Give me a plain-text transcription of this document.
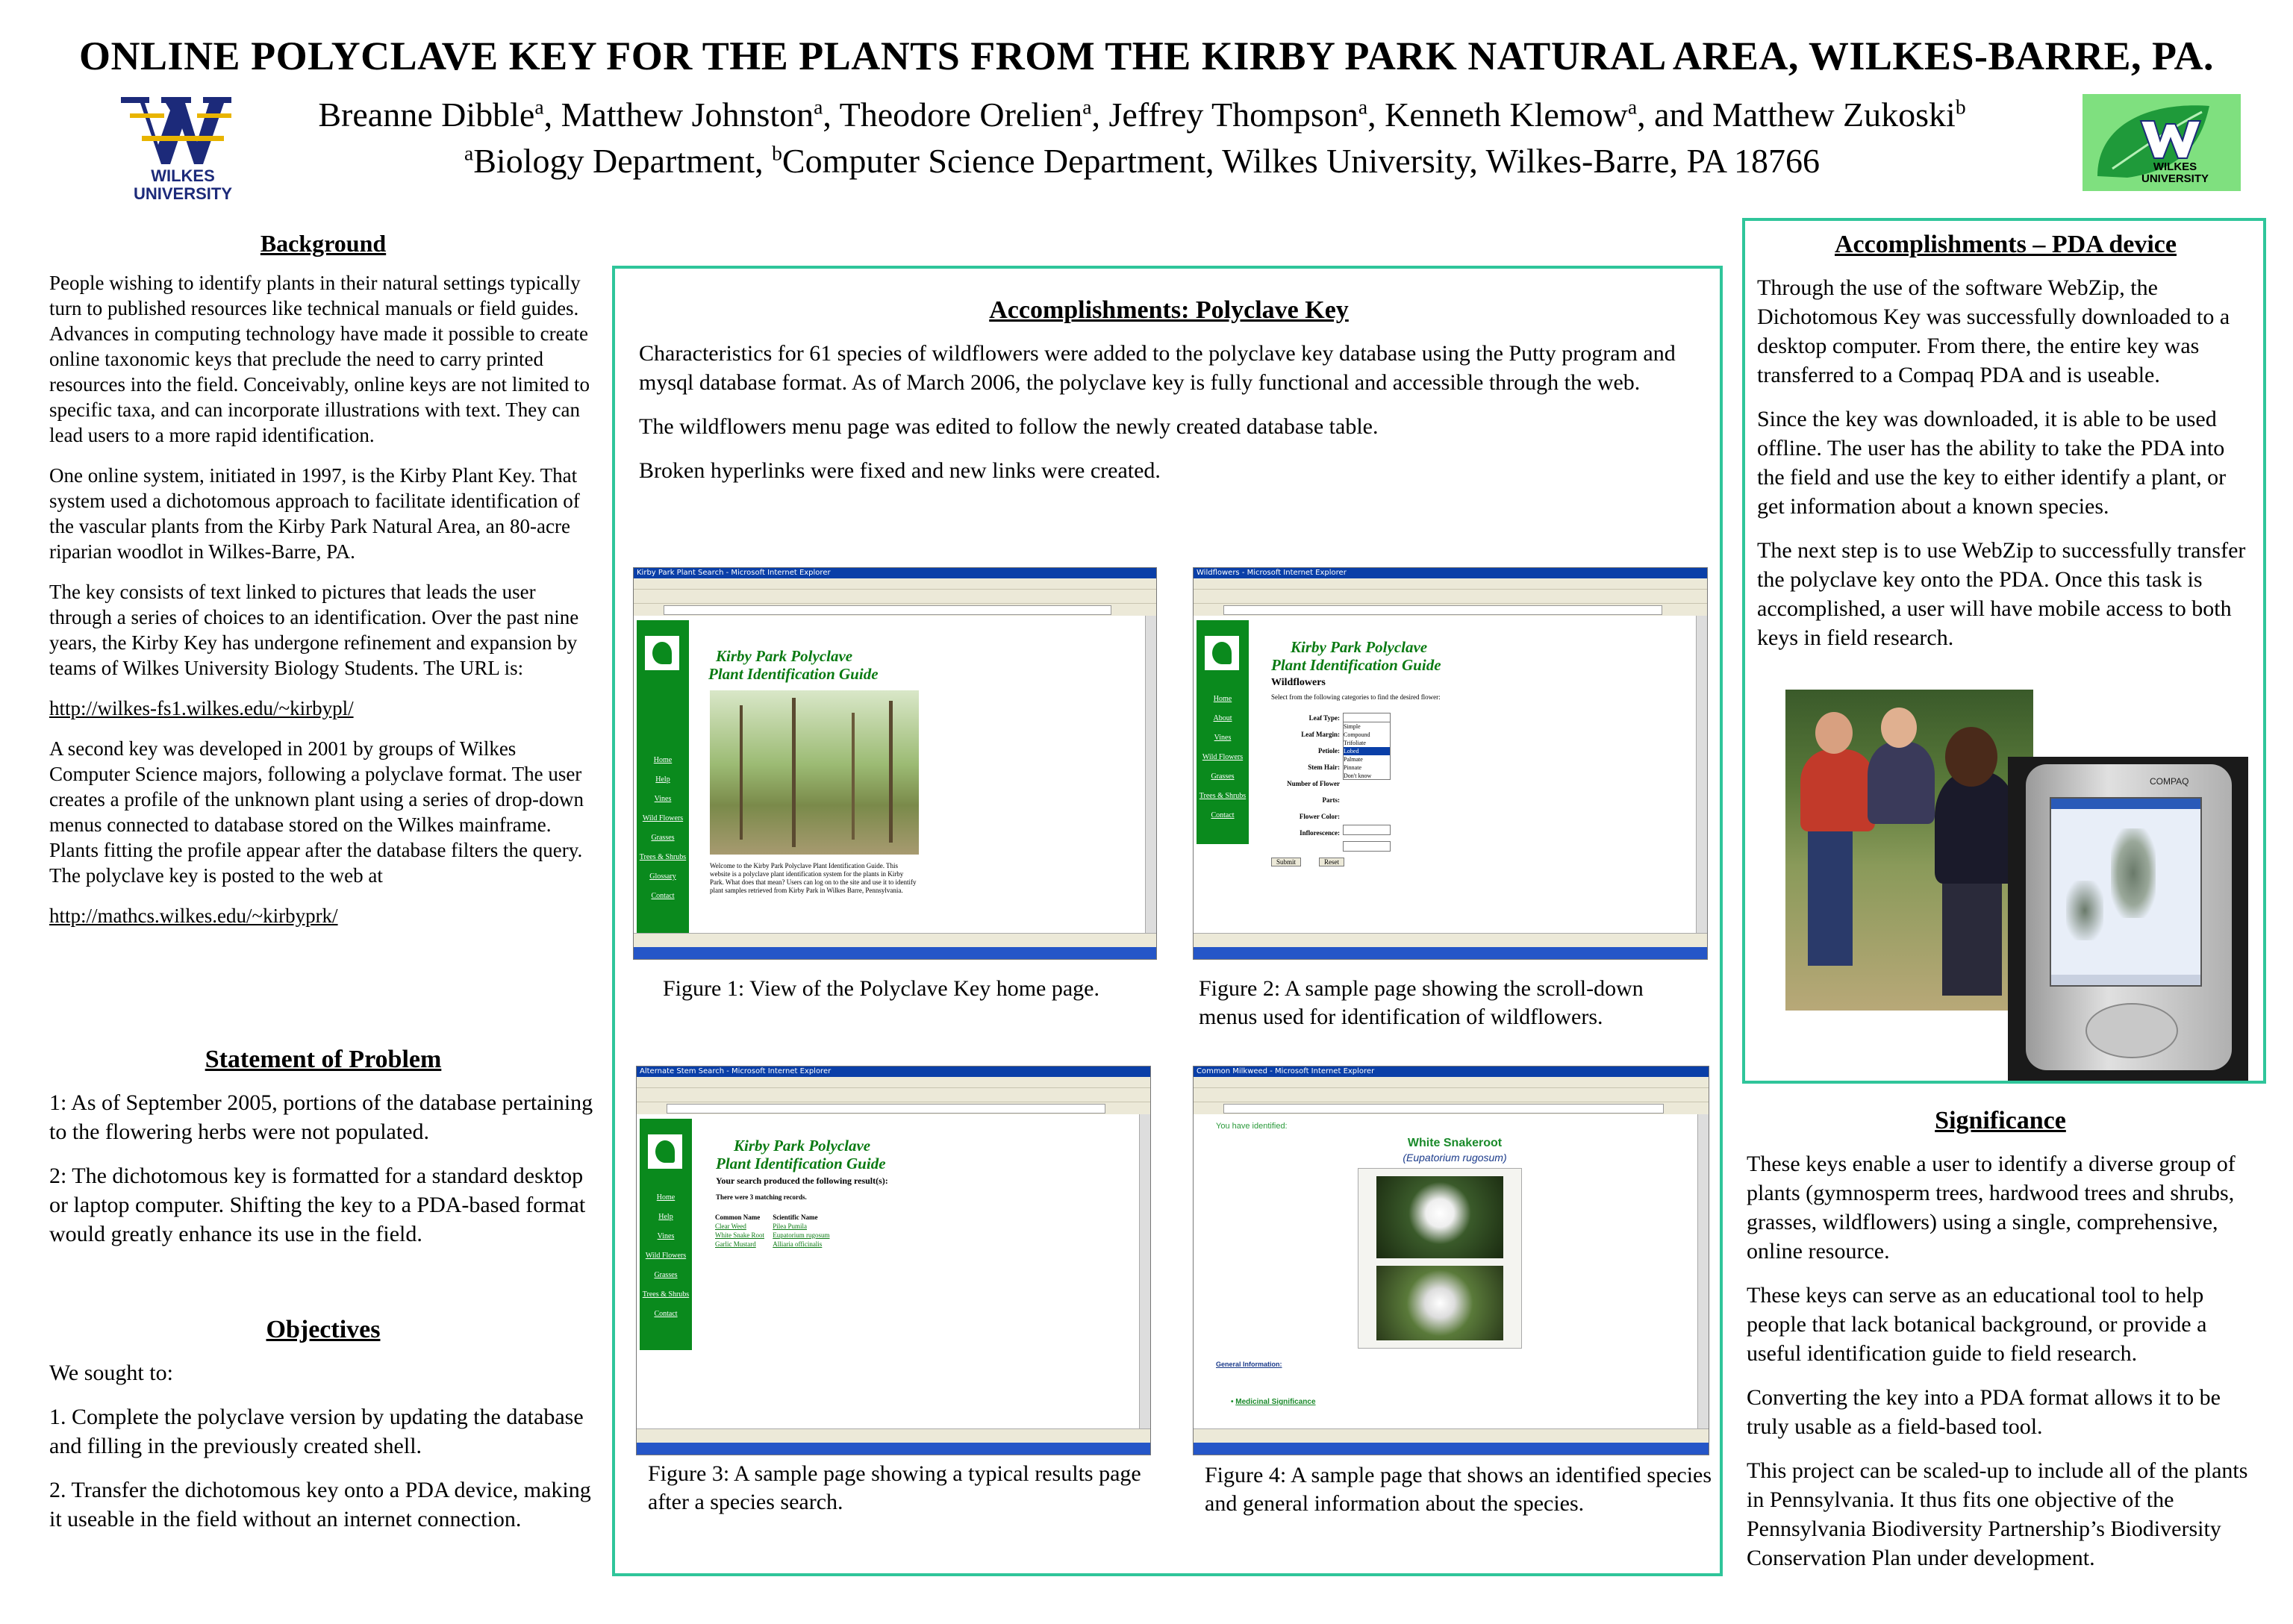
ONLINE POLYCLAVE KEY FOR THE PLANTS FROM THE KIRBY PARK NATURAL AREA, WILKES-BARRE, PA.
WILKES UNIVERSITY
Breanne Dibble$^a$, Matthew Johnston$^a$, Theodore Orelien$^a$, Jeffrey Thompson$^a$, Kenneth Klemow$^a$, and Matthew Zukoski$^b$
$^a$Biology Department, $^b$Computer Science Department, Wilkes University, Wilkes-Barre, PA 18766	WILKES UNIVERSITY
Background

People wishing to identify plants in their natural settings typically turn to published resources like technical manuals or field guides. Advances in computing technology have made it possible to create online taxonomic keys that preclude the need to carry printed resources into the field. Conceivably, online keys are not limited to specific taxa, and can incorporate illustrations with text. They can lead users to a more rapid identification.

One online system, initiated in 1997, is the Kirby Plant Key. That system used a dichotomous approach to facilitate identification of the vascular plants from the Kirby Park Natural Area, an 80-acre riparian woodlot in Wilkes-Barre, PA.

The key consists of text linked to pictures that leads the user through a series of choices to an identification. Over the past nine years, the Kirby Key has undergone refinement and expansion by teams of Wilkes University Biology Students. The URL is:

http://wilkes-fs1.wilkes.edu/~kirbypl/

A second key was developed in 2001 by groups of Wilkes Computer Science majors, following a polyclave format. The user creates a profile of the unknown plant using a series of drop-down menus connected to database stored on the Wilkes mainframe. Plants fitting the profile appear after the database filters the query. The polyclave key is posted to the web at

http://mathcs.wilkes.edu/~kirbyprk/

Statement of Problem

1: As of September 2005, portions of the database pertaining to the flowering herbs were not populated.

2: The dichotomous key is formatted for a standard desktop or laptop computer. Shifting the key to a PDA-based format would greatly enhance its use in the field.

Objectives

We sought to:

1. Complete the polyclave version by updating the database and filling in the previously created shell.

2. Transfer the dichotomous key onto a PDA device, making it useable in the field without an internet connection.

Accomplishments: Polyclave Key

Characteristics for 61 species of wildflowers were added to the polyclave key database using the Putty program and mysql database format. As of March 2006, the polyclave key is fully functional and accessible through the web.

The wildflowers menu page was edited to follow the newly created database table.

Broken hyperlinks were fixed and new links were created.

Kirby Park Plant Search - Microsoft Internet Explorer
Home
Help
Vines
Wild Flowers
Grasses
Trees & Shrubs
Glossary
Contact
Kirby Park Polyclave
Plant Identification Guide
Welcome to the Kirby Park Polyclave Plant Identification Guide. This website is a polyclave plant identification system for the plants in Kirby Park. What does that mean? Users can log on to the site and use it to identify plant samples retrieved from Kirby Park in Wilkes Barre, Pennsylvania.
Figure 1: View of the Polyclave Key home page.
Wildflowers - Microsoft Internet Explorer
Home
About
Vines
Wild Flowers
Grasses
Trees & Shrubs
Contact
Kirby Park Polyclave
Plant Identification Guide
Wildflowers
Select from the following categories to find the desired flower:
Leaf Type:
Leaf Margin:
Petiole:
Stem Hair:
Number of Flower Parts:
Flower Color:
Inflorescence:
Simple
Compound
Trifoliate
Lobed
Palmate
Pinnate
Don't know
Submit	Reset
Figure 2: A sample page showing the scroll-down menus used for identification of wildflowers.
Alternate Stem Search - Microsoft Internet Explorer
Home
Help
Vines
Wild Flowers
Grasses
Trees & Shrubs
Contact
Kirby Park Polyclave
Plant Identification Guide
Your search produced the following result(s):
There were 3 matching records.
Common Name	Scientific Name
Clear Weed	Pilea Pumila
White Snake Root	Eupatorium rugosum
Garlic Mustard	Alliaria officinalis
Figure 3: A sample page showing a typical results page after a species search.
Common Milkweed - Microsoft Internet Explorer
You have identified:
White Snakeroot
(Eupatorium rugosum)
General Information:
• Medicinal Significance
Figure 4: A sample page that shows an identified species and general information about the species.
Accomplishments – PDA device

Through the use of the software WebZip, the Dichotomous Key was successfully downloaded to a desktop computer. From there, the entire key was transferred to a Compaq PDA and is useable.

Since the key was downloaded, it is able to be used offline. The user has the ability to take the PDA into the field and use the key to either identify a plant, or get information about a known species.

The next step is to use WebZip to successfully transfer the polyclave key onto the PDA. Once this task is accomplished, a user will have mobile access to both keys in field research.

COMPAQ
Significance

These keys enable a user to identify a diverse group of plants (gymnosperm trees, hardwood trees and shrubs, grasses, wildflowers) using a single, comprehensive, online resource.

These keys can serve as an educational tool to help people that lack botanical background, or provide a useful identification guide to field research.

Converting the key into a PDA format allows it to be truly usable as a field-based tool.

This project can be scaled-up to include all of the plants in Pennsylvania. It thus fits one objective of the Pennsylvania Biodiversity Partnership’s Biodiversity Conservation Plan under development.
